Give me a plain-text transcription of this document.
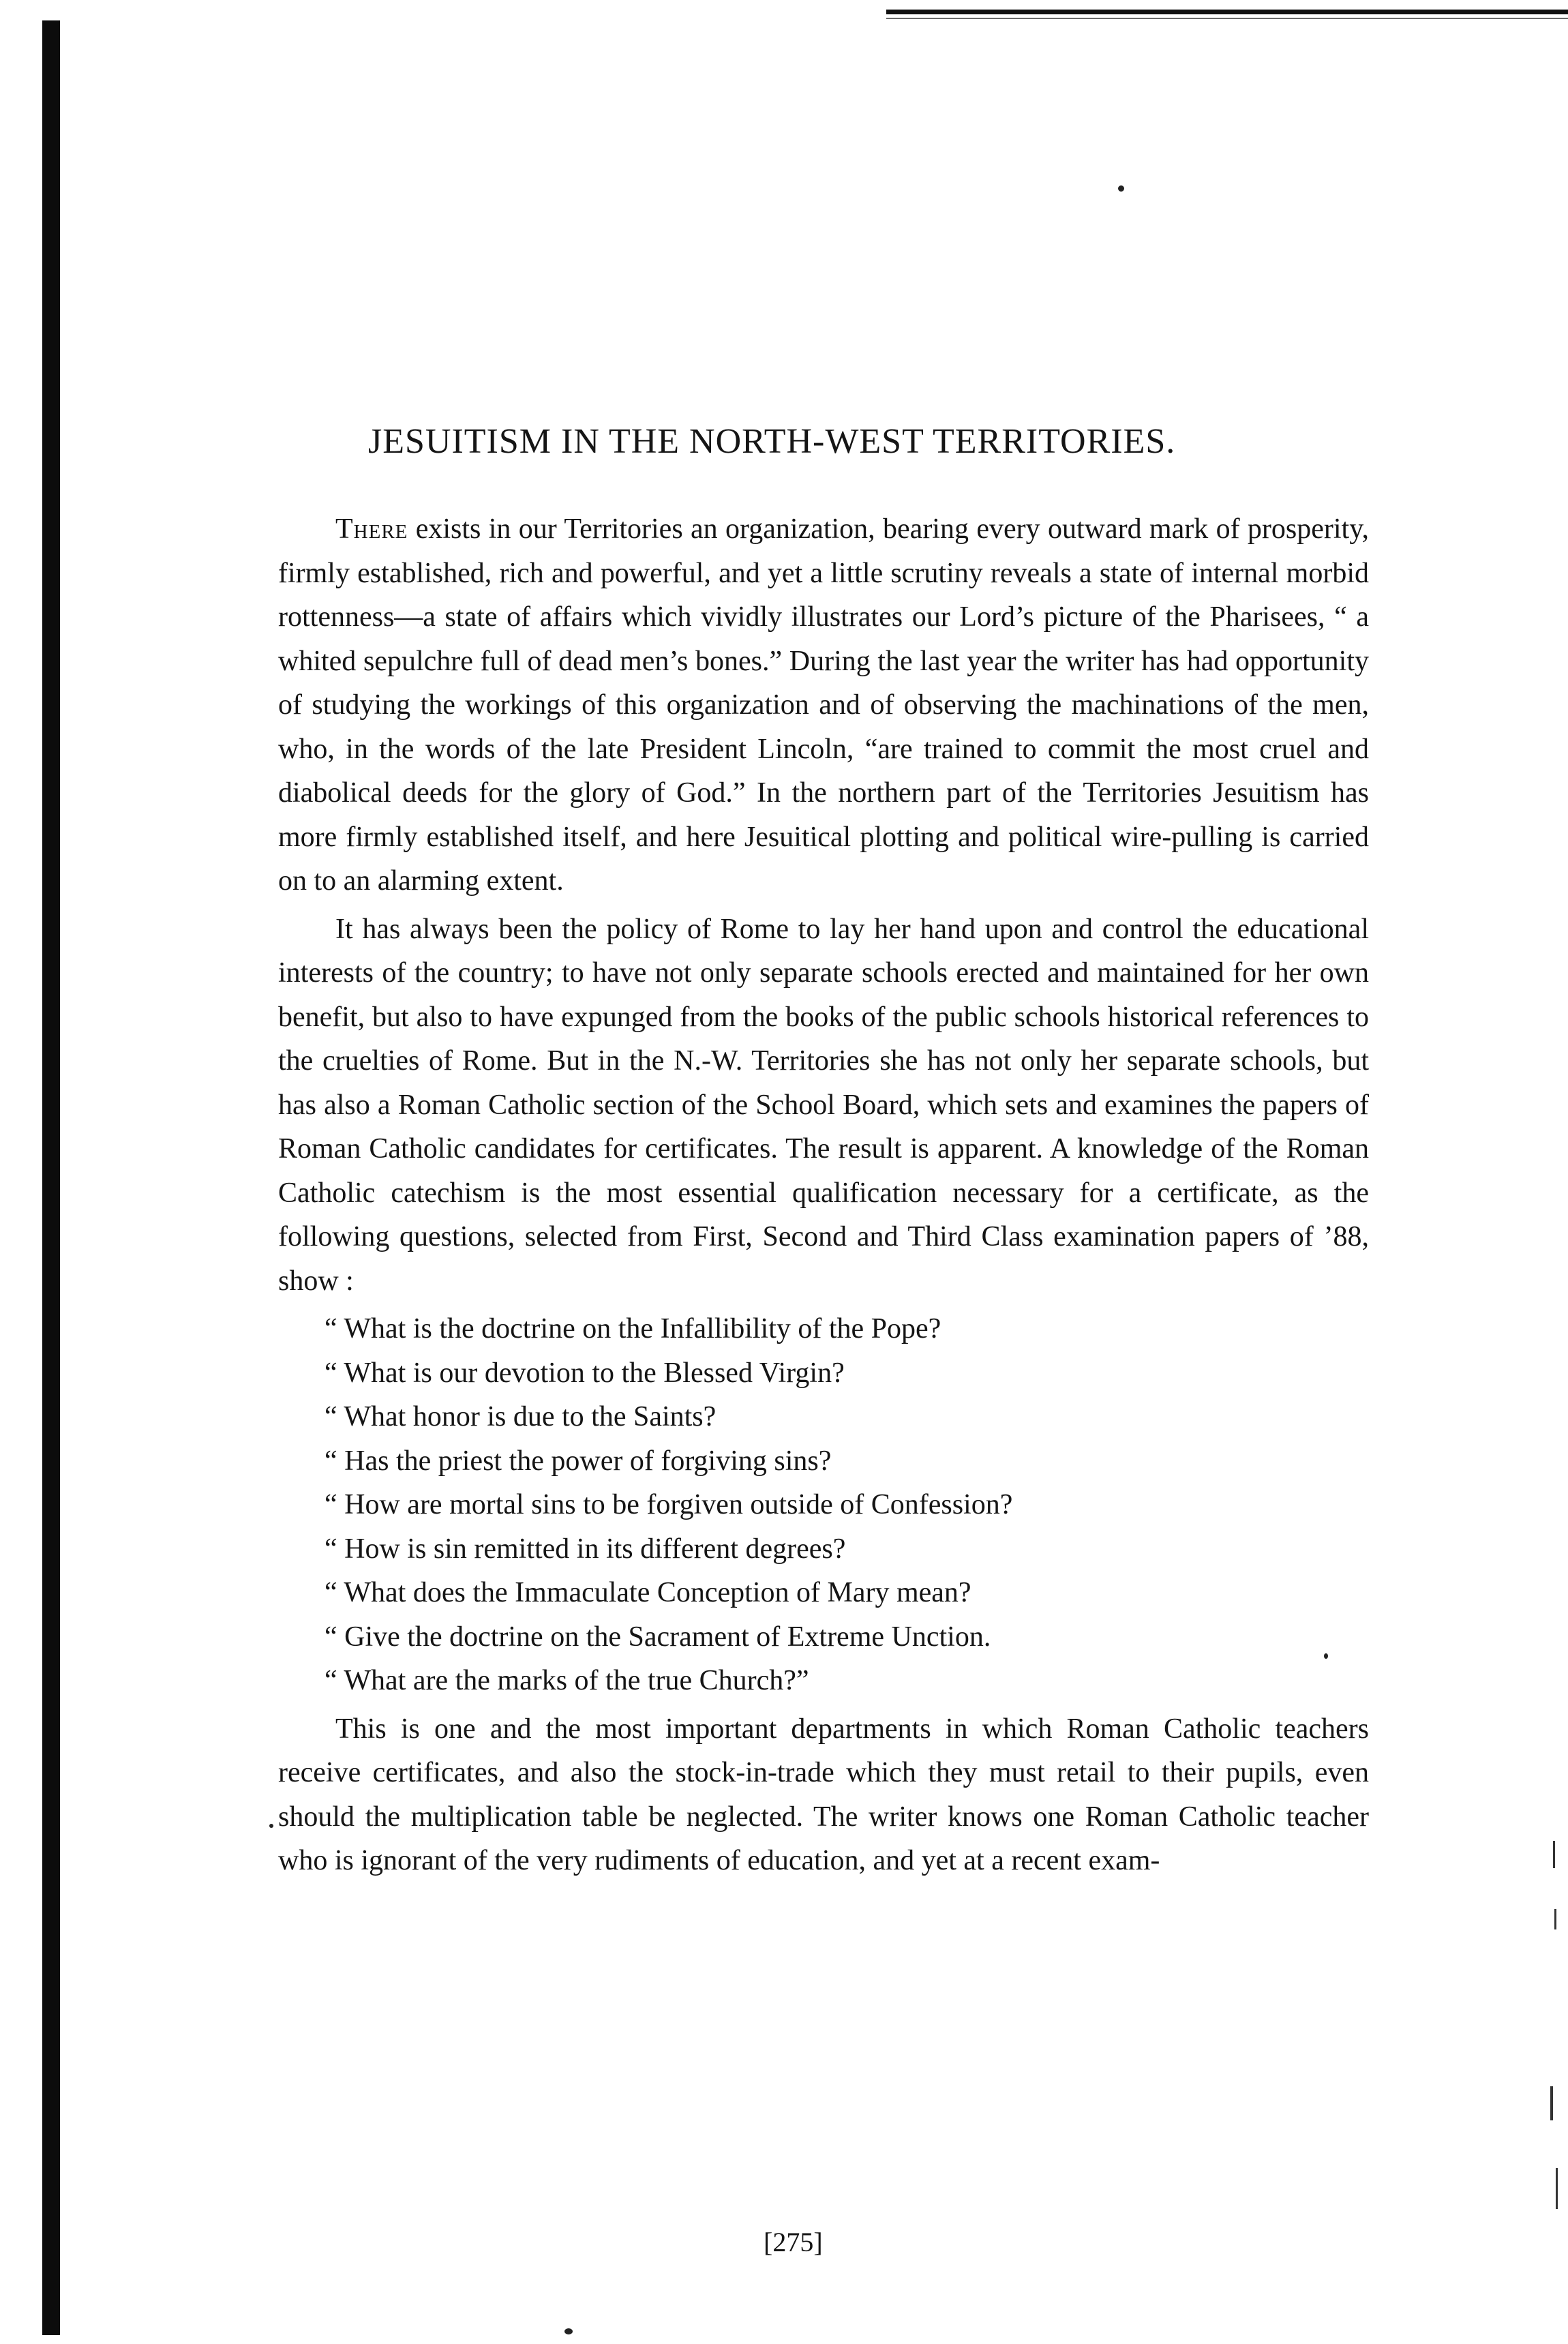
JESUITISM IN THE NORTH-WEST TERRITORIES.

There exists in our Territories an organization, bearing every outward mark of prosperity, firmly established, rich and powerful, and yet a little scrutiny reveals a state of internal morbid rottenness—a state of affairs which vividly illustrates our Lord’s picture of the Pharisees, “ a whited sepulchre full of dead men’s bones.” During the last year the writer has had opportunity of studying the workings of this organization and of observing the machinations of the men, who, in the words of the late President Lincoln, “are trained to commit the most cruel and diabolical deeds for the glory of God.” In the northern part of the Territories Jesuitism has more firmly established itself, and here Jesuitical plotting and political wire-pulling is carried on to an alarming extent.

It has always been the policy of Rome to lay her hand upon and control the educational interests of the country; to have not only separate schools erected and maintained for her own benefit, but also to have expunged from the books of the public schools historical references to the cruelties of Rome. But in the N.-W. Territories she has not only her separate schools, but has also a Roman Catholic section of the School Board, which sets and examines the papers of Roman Catholic candidates for certificates. The result is apparent. A knowledge of the Roman Catholic catechism is the most essential qualification necessary for a certificate, as the following questions, selected from First, Second and Third Class examination papers of ’88, show :

“ What is the doctrine on the Infallibility of the Pope?
“ What is our devotion to the Blessed Virgin?
“ What honor is due to the Saints?
“ Has the priest the power of forgiving sins?
“ How are mortal sins to be forgiven outside of Confession?
“ How is sin remitted in its different degrees?
“ What does the Immaculate Conception of Mary mean?
“ Give the doctrine on the Sacrament of Extreme Unction.
“ What are the marks of the true Church?”

This is one and the most important departments in which Roman Catholic teachers receive certificates, and also the stock-in-trade which they must retail to their pupils, even should the multiplication table be neglected. The writer knows one Roman Catholic teacher who is ignorant of the very rudiments of education, and yet at a recent exam-

[275]
